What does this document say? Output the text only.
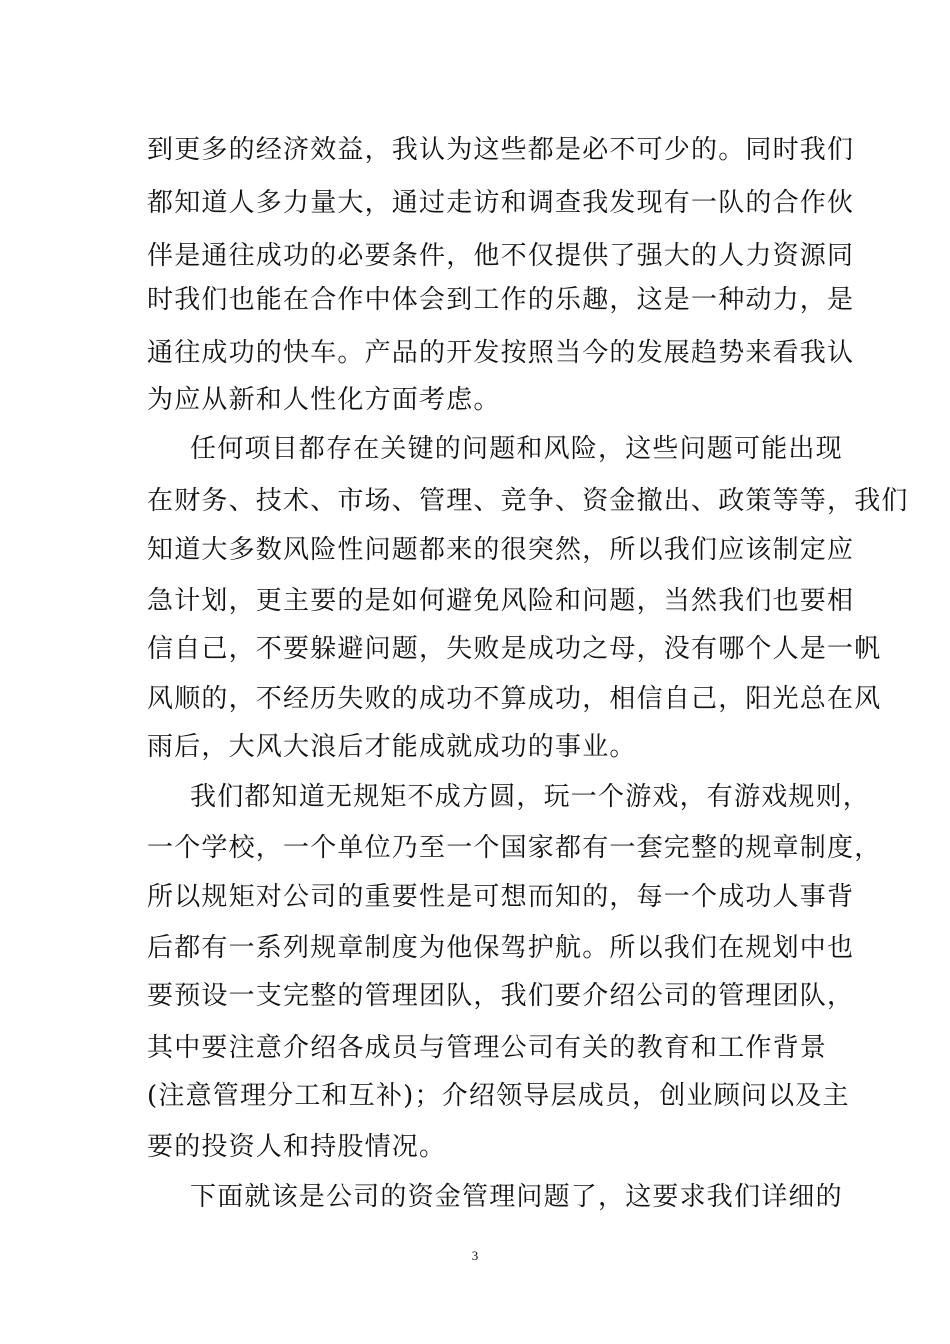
到更多的经济效益，我认为这些都是必不可少的。同时我们
都知道人多力量大，通过走访和调查我发现有一队的合作伙
伴是通往成功的必要条件，他不仅提供了强大的人力资源同
时我们也能在合作中体会到工作的乐趣，这是一种动力，是
通往成功的快车。产品的开发按照当今的发展趋势来看我认
为应从新和人性化方面考虑。
任何项目都存在关键的问题和风险，这些问题可能出现
在财务、技术、市场、管理、竞争、资金撤出、政策等等，我们
知道大多数风险性问题都来的很突然，所以我们应该制定应
急计划，更主要的是如何避免风险和问题，当然我们也要相
信自己，不要躲避问题，失败是成功之母，没有哪个人是一帆
风顺的，不经历失败的成功不算成功，相信自己，阳光总在风
雨后，大风大浪后才能成就成功的事业。
我们都知道无规矩不成方圆，玩一个游戏，有游戏规则，
一个学校，一个单位乃至一个国家都有一套完整的规章制度，
所以规矩对公司的重要性是可想而知的，每一个成功人事背
后都有一系列规章制度为他保驾护航。所以我们在规划中也
要预设一支完整的管理团队，我们要介绍公司的管理团队，
其中要注意介绍各成员与管理公司有关的教育和工作背景
(注意管理分工和互补)；介绍领导层成员，创业顾问以及主
要的投资人和持股情况。
下面就该是公司的资金管理问题了，这要求我们详细的
3
